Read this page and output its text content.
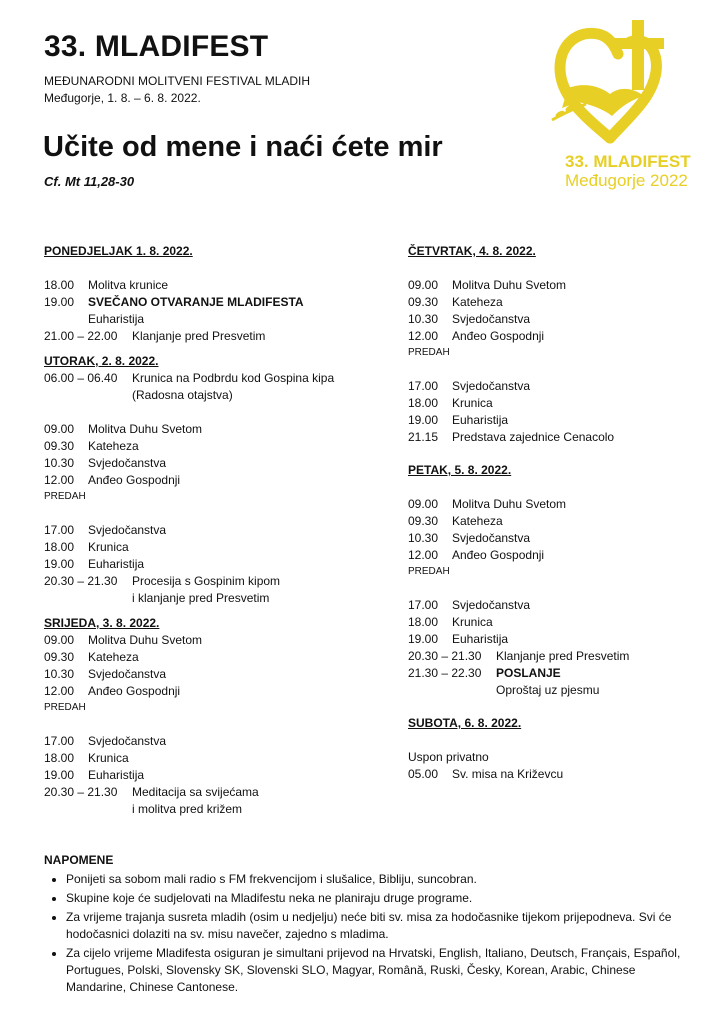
33. MLADIFEST
MEĐUNARODNI MOLITVENI FESTIVAL MLADIH
Međugorje, 1. 8. – 6. 8. 2022.
Učite od mene i naći ćete mir
Cf. Mt 11,28-30
33. MLADIFEST
Međugorje 2022
PONEDJELJAK 1. 8. 2022.
18.00	Molitva krunice
19.00	SVEČANO OTVARANJE MLADIFESTA
Euharistija
21.00 – 22.00	Klanjanje pred Presvetim
UTORAK, 2. 8. 2022.
06.00 – 06.40	Krunica na Podbrdu kod Gospina kipa
(Radosna otajstva)
09.00	Molitva Duhu Svetom
09.30	Kateheza
10.30	Svjedočanstva
12.00	Anđeo Gospodnji
PREDAH
17.00	Svjedočanstva
18.00	Krunica
19.00	Euharistija
20.30 – 21.30	Procesija s Gospinim kipom
i klanjanje pred Presvetim
SRIJEDA, 3. 8. 2022.
09.00	Molitva Duhu Svetom
09.30	Kateheza
10.30	Svjedočanstva
12.00	Anđeo Gospodnji
PREDAH
17.00	Svjedočanstva
18.00	Krunica
19.00	Euharistija
20.30 – 21.30	Meditacija sa svijećama
i molitva pred križem
ČETVRTAK, 4. 8. 2022.
09.00	Molitva Duhu Svetom
09.30	Kateheza
10.30	Svjedočanstva
12.00	Anđeo Gospodnji
PREDAH
17.00	Svjedočanstva
18.00	Krunica
19.00	Euharistija
21.15	Predstava zajednice Cenacolo
PETAK, 5. 8. 2022.
09.00	Molitva Duhu Svetom
09.30	Kateheza
10.30	Svjedočanstva
12.00	Anđeo Gospodnji
PREDAH
17.00	Svjedočanstva
18.00	Krunica
19.00	Euharistija
20.30 – 21.30	Klanjanje pred Presvetim
21.30 – 22.30	POSLANJE
Oproštaj uz pjesmu
SUBOTA, 6. 8. 2022.
Uspon privatno
05.00	Sv. misa na Križevcu
NAPOMENE
• Ponijeti sa sobom mali radio s FM frekvencijom i slušalice, Bibliju, suncobran.
• Skupine koje će sudjelovati na Mladifestu neka ne planiraju druge programe.
• Za vrijeme trajanja susreta mladih (osim u nedjelju) neće biti sv. misa za hodočasnike tijekom prijepodneva. Svi će hodočasnici dolaziti na sv. misu navečer, zajedno s mladima.
• Za cijelo vrijeme Mladifesta osiguran je simultani prijevod na Hrvatski, English, Italiano, Deutsch, Français, Español, Portugues, Polski, Slovensky SK, Slovenski SLO, Magyar, Română, Ruski, Česky, Korean, Arabic, Chinese Mandarine, Chinese Cantonese.
